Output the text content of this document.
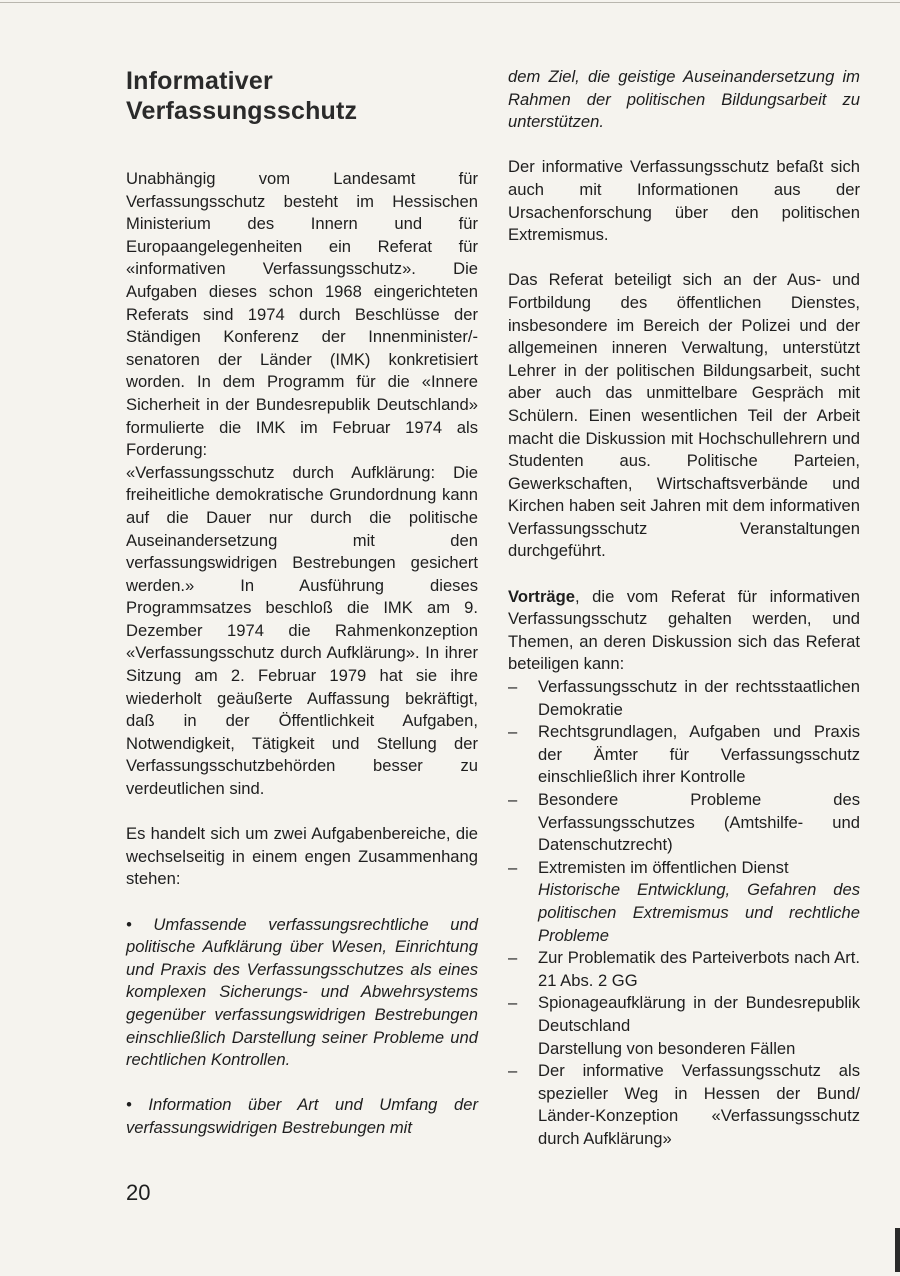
Informativer
Verfassungsschutz

Unabhängig vom Landesamt für Verfassungsschutz besteht im Hessischen Ministerium des Innern und für Europaangelegenheiten ein Referat für «informativen Verfassungsschutz». Die Aufgaben dieses schon 1968 eingerichteten Referats sind 1974 durch Beschlüsse der Ständigen Konferenz der Innenminister/-senatoren der Länder (IMK) konkretisiert worden. In dem Programm für die «Innere Sicherheit in der Bundesrepublik Deutschland» formulierte die IMK im Februar 1974 als Forderung:

«Verfassungsschutz durch Aufklärung: Die freiheitliche demokratische Grundordnung kann auf die Dauer nur durch die politische Auseinandersetzung mit den verfassungswidrigen Bestrebungen gesichert werden.» In Ausführung dieses Programmsatzes beschloß die IMK am 9. Dezember 1974 die Rahmenkonzeption «Verfassungsschutz durch Aufklärung». In ihrer Sitzung am 2. Februar 1979 hat sie ihre wiederholt geäußerte Auffassung bekräftigt, daß in der Öffentlichkeit Aufgaben, Notwendigkeit, Tätigkeit und Stellung der Verfassungsschutzbehörden besser zu verdeutlichen sind.

Es handelt sich um zwei Aufgabenbereiche, die wechselseitig in einem engen Zusammenhang stehen:

• Umfassende verfassungsrechtliche und politische Aufklärung über Wesen, Einrichtung und Praxis des Verfassungsschutzes als eines komplexen Sicherungs- und Abwehrsystems gegenüber verfassungswidrigen Bestrebungen einschließlich Darstellung seiner Probleme und rechtlichen Kontrollen.

• Information über Art und Umfang der verfassungswidrigen Bestrebungen mit

dem Ziel, die geistige Auseinandersetzung im Rahmen der politischen Bildungsarbeit zu unterstützen.

Der informative Verfassungsschutz befaßt sich auch mit Informationen aus der Ursachenforschung über den politischen Extremismus.

Das Referat beteiligt sich an der Aus- und Fortbildung des öffentlichen Dienstes, insbesondere im Bereich der Polizei und der allgemeinen inneren Verwaltung, unterstützt Lehrer in der politischen Bildungsarbeit, sucht aber auch das unmittelbare Gespräch mit Schülern. Einen wesentlichen Teil der Arbeit macht die Diskussion mit Hochschullehrern und Studenten aus. Politische Parteien, Gewerkschaften, Wirtschaftsverbände und Kirchen haben seit Jahren mit dem informativen Verfassungsschutz Veranstaltungen durchgeführt.

Vorträge, die vom Referat für informativen Verfassungsschutz gehalten werden, und Themen, an deren Diskussion sich das Referat beteiligen kann:

– Verfassungsschutz in der rechtsstaatlichen Demokratie
– Rechtsgrundlagen, Aufgaben und Praxis der Ämter für Verfassungsschutz einschließlich ihrer Kontrolle
– Besondere Probleme des Verfassungsschutzes (Amtshilfe- und Datenschutzrecht)
– Extremisten im öffentlichen Dienst
Historische Entwicklung, Gefahren des politischen Extremismus und rechtliche Probleme
– Zur Problematik des Parteiverbots nach Art. 21 Abs. 2 GG
– Spionageaufklärung in der Bundesrepublik Deutschland
Darstellung von besonderen Fällen
– Der informative Verfassungsschutz als spezieller Weg in Hessen der Bund/ Länder-Konzeption «Verfassungsschutz durch Aufklärung»
20
